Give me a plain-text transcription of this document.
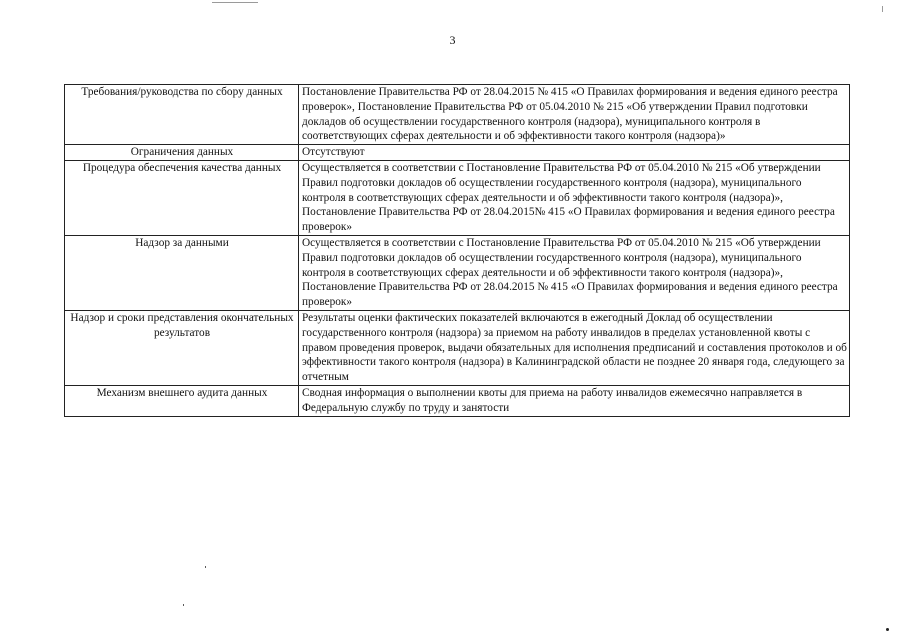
3
Требования/руководства по сбору данных	Постановление Правительства РФ от 28.04.2015 № 415 «О Правилах формирования и ведения единого реестра проверок», Постановление Правительства РФ от 05.04.2010 № 215 «Об утверждении Правил подготовки докладов об осуществлении государственного контроля (надзора), муниципального контроля в соответствующих сферах деятельности и об эффективности такого контроля (надзора)»
Ограничения данных	Отсутствуют
Процедура обеспечения качества данных	Осуществляется в соответствии с Постановление Правительства РФ от 05.04.2010 № 215 «Об утверждении Правил подготовки докладов об осуществлении государственного контроля (надзора), муниципального контроля в соответствующих сферах деятельности и об эффективности такого контроля (надзора)», Постановление Правительства РФ от 28.04.2015№ 415 «О Правилах формирования и ведения единого реестра проверок»
Надзор за данными	Осуществляется в соответствии с Постановление Правительства РФ от 05.04.2010 № 215 «Об утверждении Правил подготовки докладов об осуществлении государственного контроля (надзора), муниципального контроля в соответствующих сферах деятельности и об эффективности такого контроля (надзора)», Постановление Правительства РФ от 28.04.2015 № 415 «О Правилах формирования и ведения единого реестра проверок»
Надзор и сроки представления окончательных результатов	Результаты оценки фактических показателей включаются в ежегодный Доклад об осуществлении государственного контроля (надзора) за приемом на работу инвалидов в пределах установленной квоты с правом проведения проверок, выдачи обязательных для исполнения предписаний и составления протоколов и об эффективности такого контроля (надзора) в Калининградской области не позднее 20 января года, следующего за отчетным
Механизм внешнего аудита данных	Сводная информация о выполнении квоты для приема на работу инвалидов ежемесячно направляется в Федеральную службу по труду и занятости
